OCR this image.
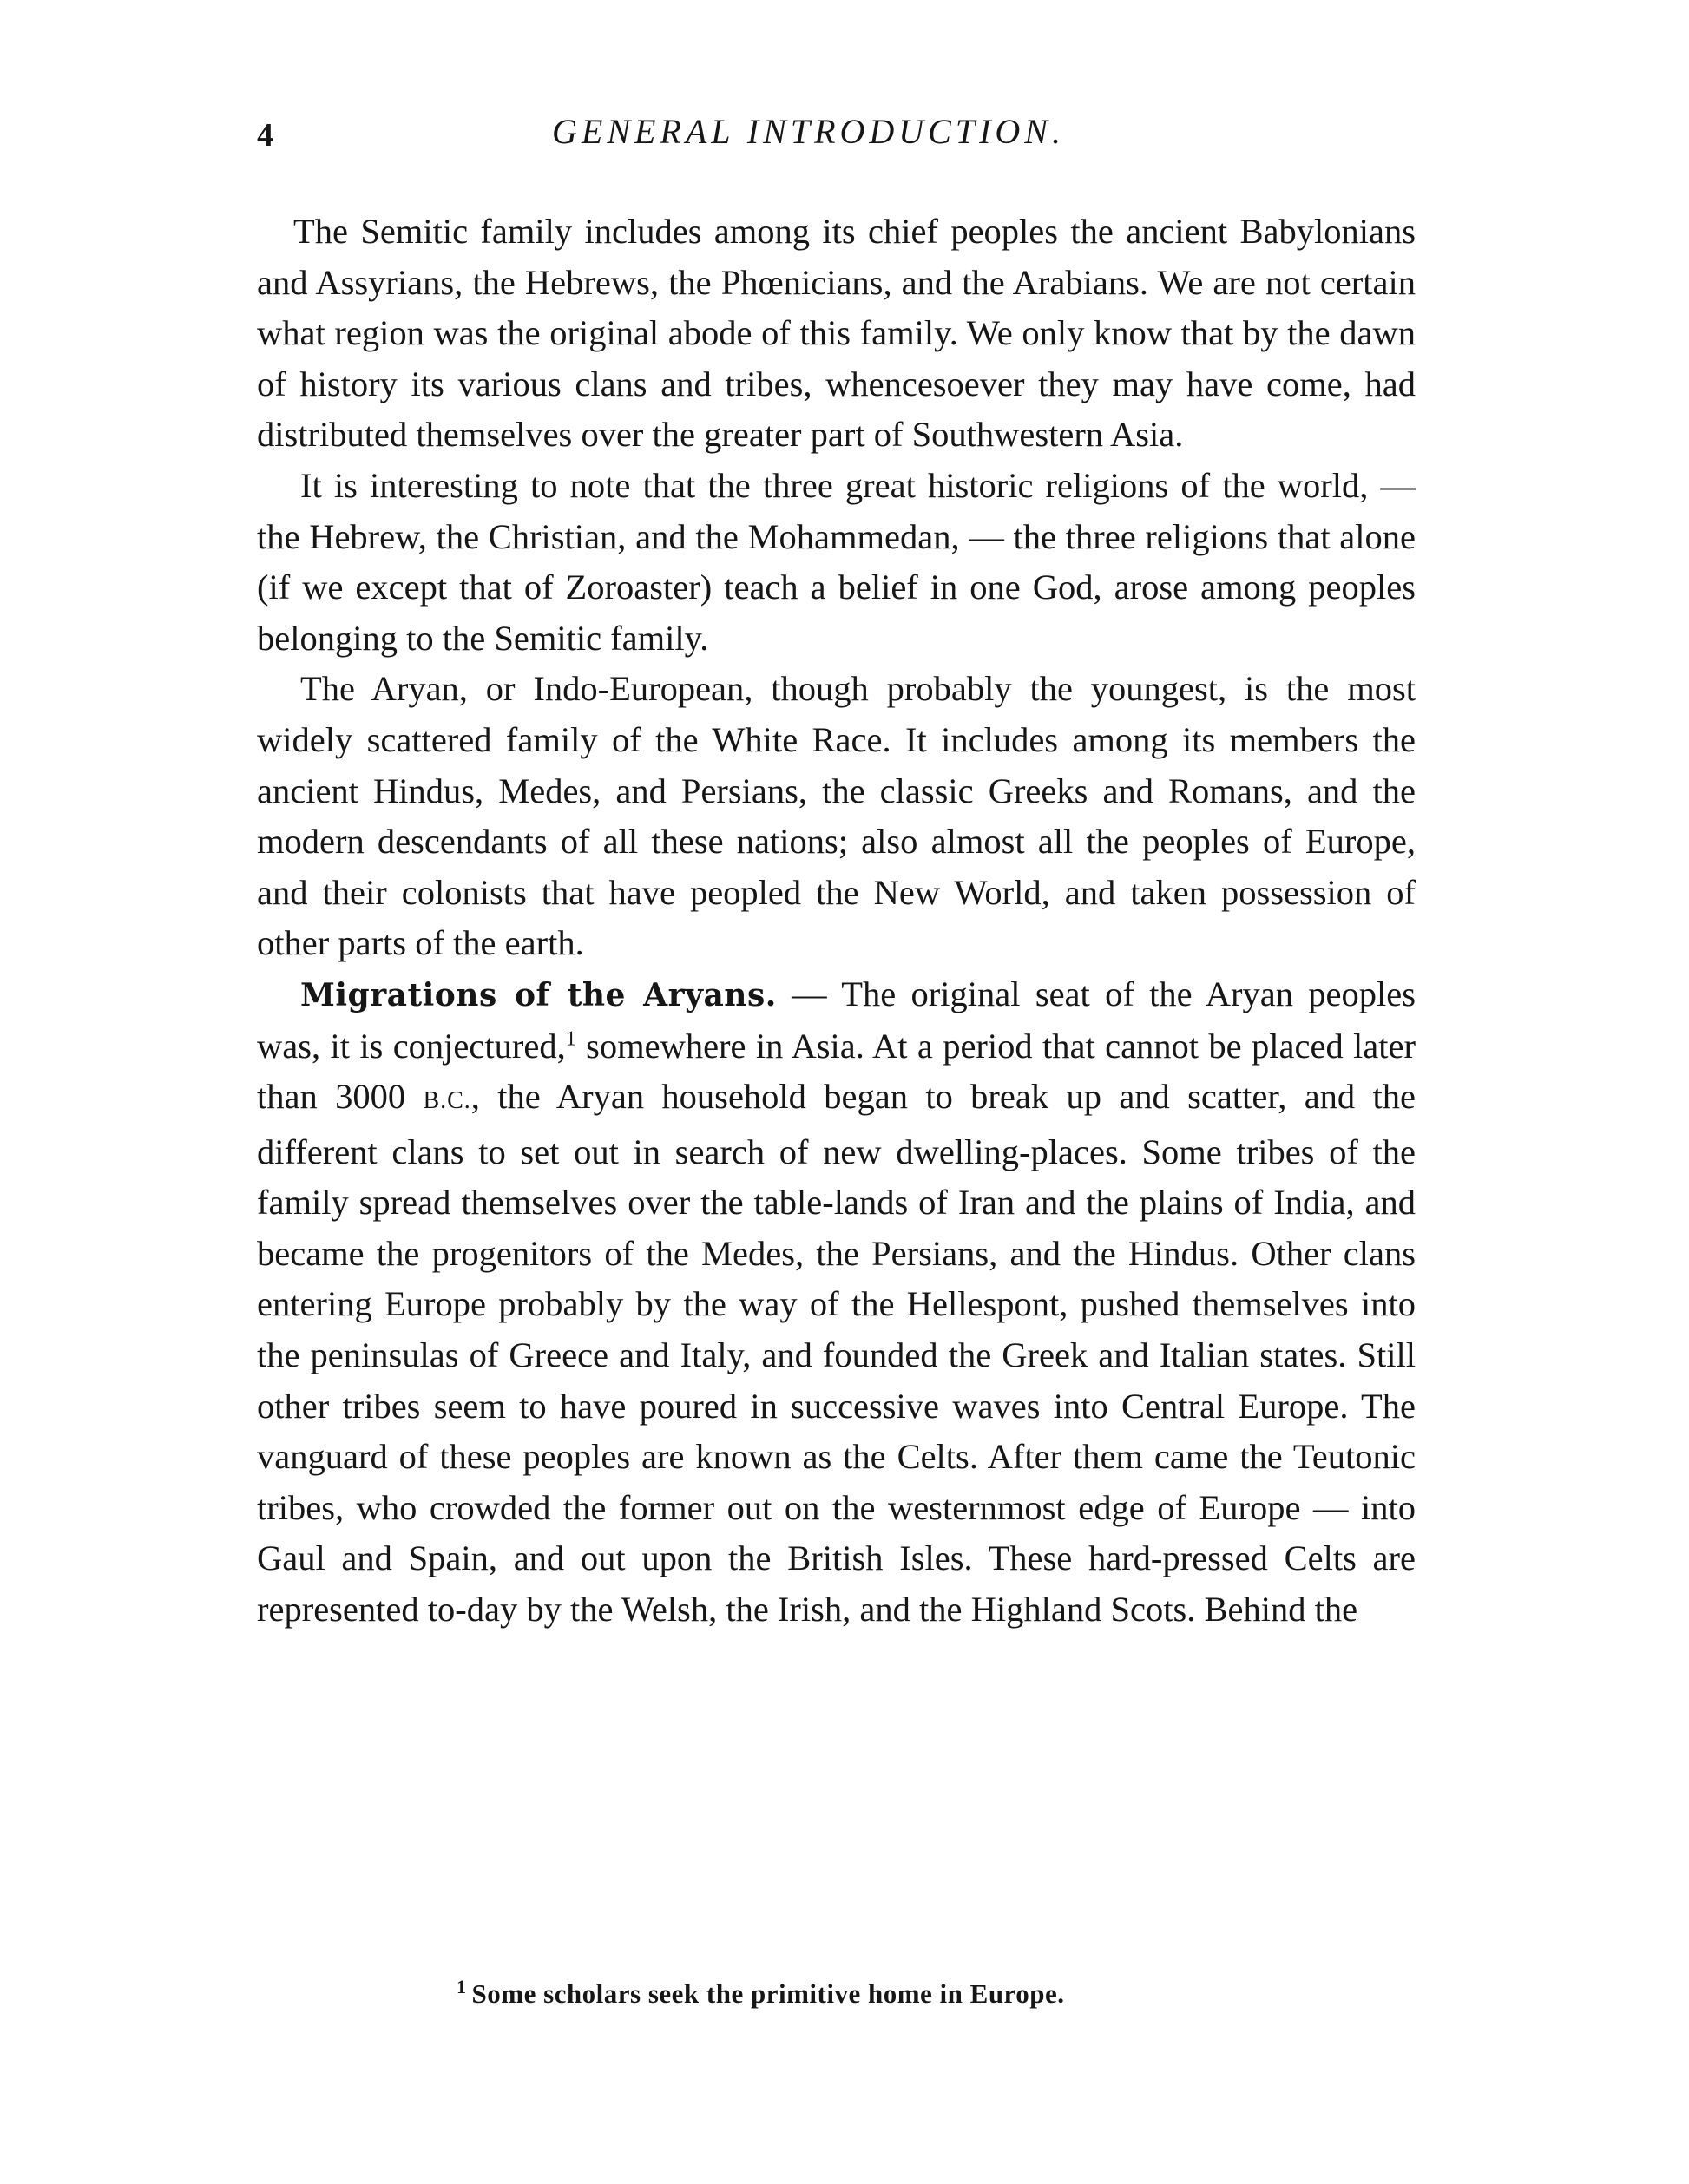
4	GENERAL INTRODUCTION.

The Semitic family includes among its chief peoples the ancient Babylonians and Assyrians, the Hebrews, the Phœnicians, and the Arabians. We are not certain what region was the original abode of this family. We only know that by the dawn of history its various clans and tribes, whencesoever they may have come, had distributed themselves over the greater part of Southwestern Asia.

It is interesting to note that the three great historic religions of the world, — the Hebrew, the Christian, and the Mohammedan, — the three religions that alone (if we except that of Zoroaster) teach a belief in one God, arose among peoples belonging to the Semitic family.

The Aryan, or Indo-European, though probably the youngest, is the most widely scattered family of the White Race. It includes among its members the ancient Hindus, Medes, and Persians, the classic Greeks and Romans, and the modern descendants of all these nations; also almost all the peoples of Europe, and their colonists that have peopled the New World, and taken possession of other parts of the earth.

Migrations of the Aryans. — The original seat of the Aryan peoples was, it is conjectured,$^1$ somewhere in Asia. At a period that cannot be placed later than 3000 B.C., the Aryan household began to break up and scatter, and the different clans to set out in search of new dwelling-places. Some tribes of the family spread themselves over the table-lands of Iran and the plains of India, and became the progenitors of the Medes, the Persians, and the Hindus. Other clans entering Europe probably by the way of the Hellespont, pushed themselves into the peninsulas of Greece and Italy, and founded the Greek and Italian states. Still other tribes seem to have poured in successive waves into Central Europe. The vanguard of these peoples are known as the Celts. After them came the Teutonic tribes, who crowded the former out on the westernmost edge of Europe — into Gaul and Spain, and out upon the British Isles. These hard-pressed Celts are represented to-day by the Welsh, the Irish, and the Highland Scots. Behind the

$^1$ Some scholars seek the primitive home in Europe.
